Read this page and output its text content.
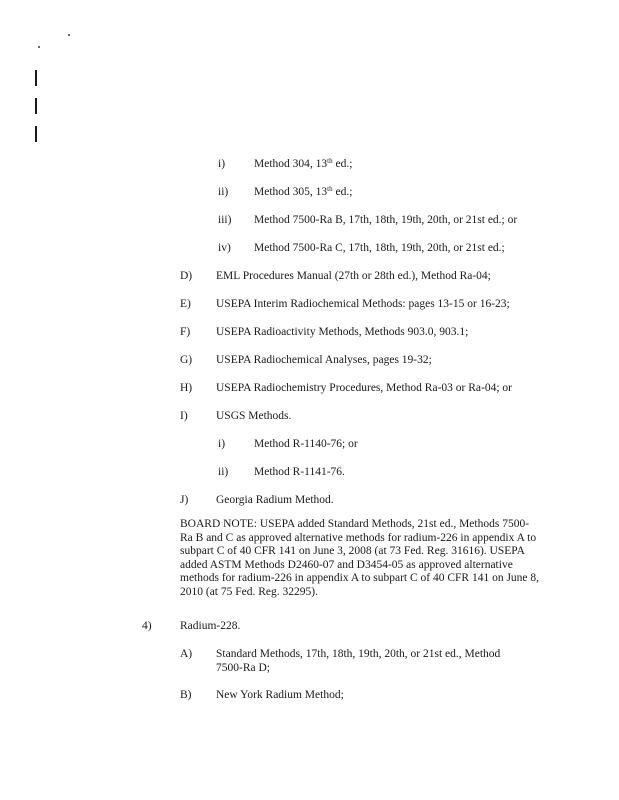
i)	Method 304, 13th ed.;
ii) Method 305, 13th ed.;
iii) Method 7500-Ra B, 17th, 18th, 19th, 20th, or 21st ed.; or
iv) Method 7500-Ra C, 17th, 18th, 19th, 20th, or 21st ed.;
D) EML Procedures Manual (27th or 28th ed.), Method Ra-04;
E) USEPA Interim Radiochemical Methods: pages 13-15 or 16-23;
F) USEPA Radioactivity Methods, Methods 903.0, 903.1;
G) USEPA Radiochemical Analyses, pages 19-32;
H) USEPA Radiochemistry Procedures, Method Ra-03 or Ra-04; or
I) USGS Methods.
i)	Method R-1140-76; or
ii) Method R-1141-76.
J) Georgia Radium Method.
BOARD NOTE: USEPA added Standard Methods, 21st ed., Methods 7500-Ra B and C as approved alternative methods for radium-226 in appendix A to subpart C of 40 CFR 141 on June 3, 2008 (at 73 Fed. Reg. 31616). USEPA added ASTM Methods D2460-07 and D3454-05 as approved alternative methods for radium-226 in appendix A to subpart C of 40 CFR 141 on June 8, 2010 (at 75 Fed. Reg. 32295).
4) Radium-228.
A) Standard Methods, 17th, 18th, 19th, 20th, or 21st ed., Method 7500-Ra D;
B) New York Radium Method;
